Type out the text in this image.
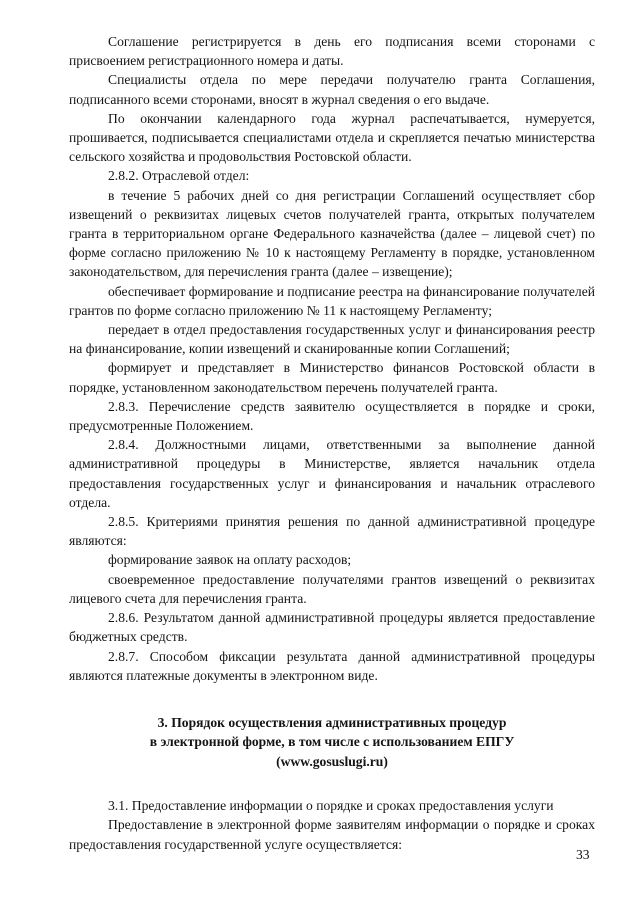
Соглашение регистрируется в день его подписания всеми сторонами с присвоением регистрационного номера и даты.

Специалисты отдела по мере передачи получателю гранта Соглашения, подписанного всеми сторонами, вносят в журнал сведения о его выдаче.

По окончании календарного года журнал распечатывается, нумеруется, прошивается, подписывается специалистами отдела и скрепляется печатью министерства сельского хозяйства и продовольствия Ростовской области.

2.8.2. Отраслевой отдел:

в течение 5 рабочих дней со дня регистрации Соглашений осуществляет сбор извещений о реквизитах лицевых счетов получателей гранта, открытых получателем гранта в территориальном органе Федерального казначейства (далее – лицевой счет) по форме согласно приложению № 10 к настоящему Регламенту в порядке, установленном законодательством, для перечисления гранта (далее – извещение);

обеспечивает формирование и подписание реестра на финансирование получателей грантов по форме согласно приложению № 11 к настоящему Регламенту;

передает в отдел предоставления государственных услуг и финансирования реестр на финансирование, копии извещений и сканированные копии Соглашений;

формирует и представляет в Министерство финансов Ростовской области в порядке, установленном законодательством перечень получателей гранта.

2.8.3. Перечисление средств заявителю осуществляется в порядке и сроки, предусмотренные Положением.

2.8.4. Должностными лицами, ответственными за выполнение данной административной процедуры в Министерстве, является начальник отдела предоставления государственных услуг и финансирования и начальник отраслевого отдела.

2.8.5. Критериями принятия решения по данной административной процедуре являются:

формирование заявок на оплату расходов;

своевременное предоставление получателями грантов извещений о реквизитах лицевого счета для перечисления гранта.

2.8.6. Результатом данной административной процедуры является предоставление бюджетных средств.

2.8.7. Способом фиксации результата данной административной процедуры являются платежные документы в электронном виде.

3. Порядок осуществления административных процедур
в электронной форме, в том числе с использованием ЕПГУ
(www.gosuslugi.ru)

3.1. Предоставление информации о порядке и сроках предоставления услуги

Предоставление в электронной форме заявителям информации о порядке и сроках предоставления государственной услуге осуществляется:

33
